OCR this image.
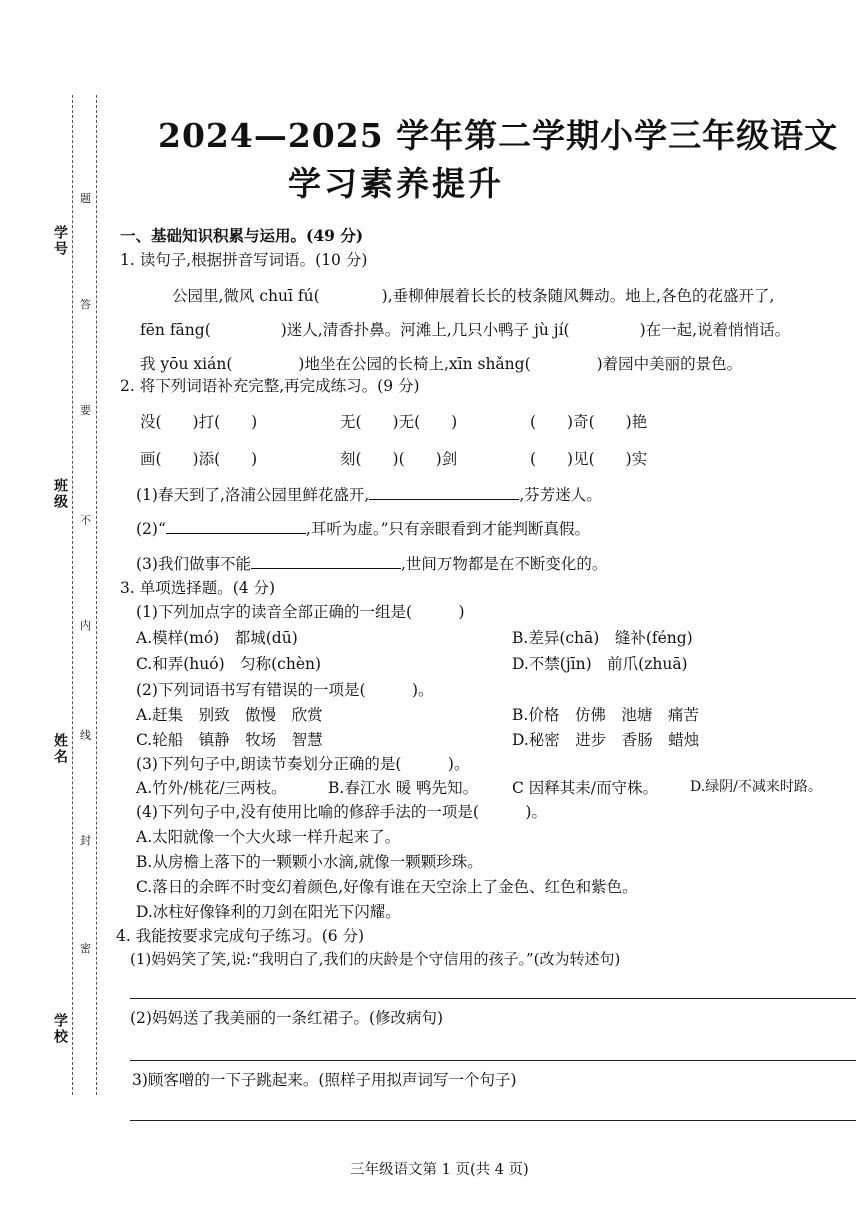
学号
班级
姓名
学校
题
答
要
不
内
线
封
密
2024—2025 学年第二学期小学三年级语文
学习素养提升
一、基础知识积累与运用。(49 分)
1. 读句子,根据拼音写词语。(10 分)
公园里,微风 chuī fú(	),垂柳伸展着长长的枝条随风舞动。地上,各色的花盛开了,
fēn fāng(	)迷人,清香扑鼻。河滩上,几只小鸭子 jù jí(	)在一起,说着悄悄话。
我 yōu xián(	)地坐在公园的长椅上,xīn shǎng(	)着园中美丽的景色。
2. 将下列词语补充完整,再完成练习。(9 分)
没(　　)打(　　)	无(　　)无(　　)	(　　)奇(　　)艳
画(　　)添(　　)	刻(　　)(　　)剑	(　　)见(　　)实
(1)春天到了,洛浦公园里鲜花盛开,	,芬芳迷人。
(2)“	,耳听为虚。”只有亲眼看到才能判断真假。
(3)我们做事不能	,世间万物都是在不断变化的。
3. 单项选择题。(4 分)
(1)下列加点字的读音全部正确的一组是(　　　)
A.模样(mó)　都城(dū)	B.差异(chā)　缝补(féng)
C.和弄(huó)　匀称(chèn)	D.不禁(jīn)　前爪(zhuā)
(2)下列词语书写有错误的一项是(　　　)。
A.赶集　别致　傲慢　欣赏	B.价格　仿佛　池塘　痛苦
C.轮船　镇静　牧场　智慧	D.秘密　进步　香肠　蜡烛
(3)下列句子中,朗读节奏划分正确的是(　　　)。
A.竹外/桃花/三两枝。	B.春江水 暖 鸭先知。 C 因释其耒/而守株。 D.绿阴/不减来时路。
(4)下列句子中,没有使用比喻的修辞手法的一项是(　　　)。
A.太阳就像一个大火球一样升起来了。
B.从房檐上落下的一颗颗小水滴,就像一颗颗珍珠。
C.落日的余晖不时变幻着颜色,好像有谁在天空涂上了金色、红色和紫色。
D.冰柱好像锋利的刀剑在阳光下闪耀。
4. 我能按要求完成句子练习。(6 分)
(1)妈妈笑了笑,说:“我明白了,我们的庆龄是个守信用的孩子。”(改为转述句)
(2)妈妈送了我美丽的一条红裙子。(修改病句)
3)顾客噌的一下子跳起来。(照样子用拟声词写一个句子)
三年级语文第 1 页(共 4 页)
